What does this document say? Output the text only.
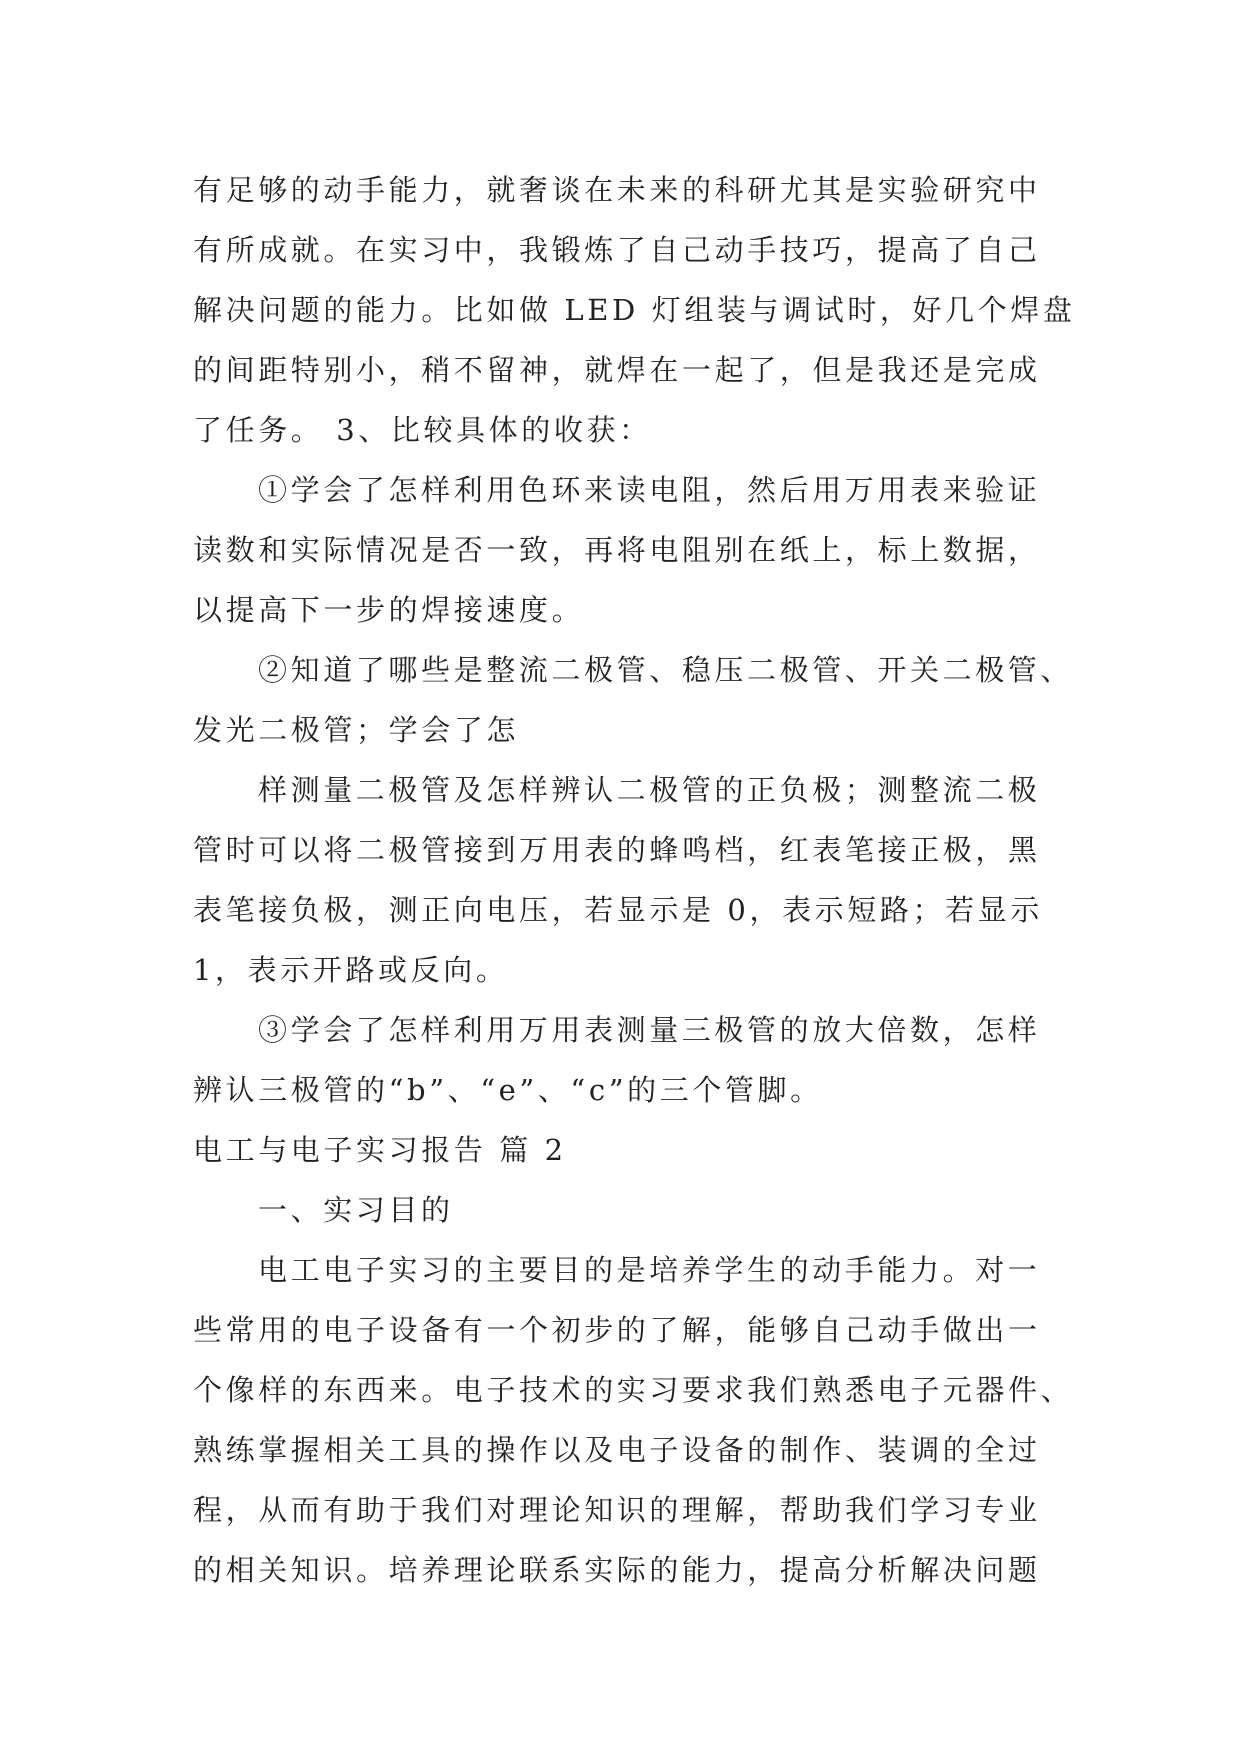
有足够的动手能力，就奢谈在未来的科研尤其是实验研究中
有所成就。在实习中，我锻炼了自己动手技巧，提高了自己
解决问题的能力。比如做 LED 灯组装与调试时，好几个焊盘
的间距特别小，稍不留神，就焊在一起了，但是我还是完成
了任务。 3、比较具体的收获：
①学会了怎样利用色环来读电阻，然后用万用表来验证
读数和实际情况是否一致，再将电阻别在纸上，标上数据，
以提高下一步的焊接速度。
②知道了哪些是整流二极管、稳压二极管、开关二极管、
发光二极管；学会了怎
样测量二极管及怎样辨认二极管的正负极；测整流二极
管时可以将二极管接到万用表的蜂鸣档，红表笔接正极，黑
表笔接负极，测正向电压，若显示是 0，表示短路；若显示
1，表示开路或反向。
③学会了怎样利用万用表测量三极管的放大倍数，怎样
辨认三极管的“b”、“e”、“c”的三个管脚。
电工与电子实习报告 篇 2
一、实习目的
电工电子实习的主要目的是培养学生的动手能力。对一
些常用的电子设备有一个初步的了解，能够自己动手做出一
个像样的东西来。电子技术的实习要求我们熟悉电子元器件、
熟练掌握相关工具的操作以及电子设备的制作、装调的全过
程，从而有助于我们对理论知识的理解，帮助我们学习专业
的相关知识。培养理论联系实际的能力，提高分析解决问题
